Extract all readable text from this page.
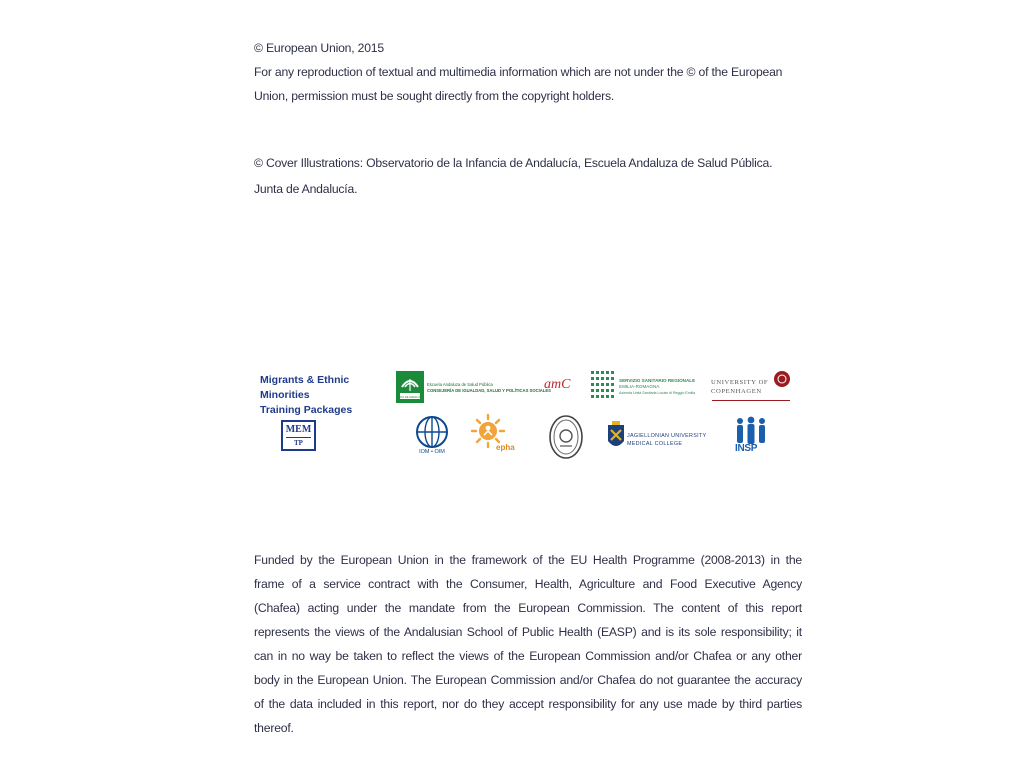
© European Union, 2015
For any reproduction of textual and multimedia information which are not under the © of the European
Union, permission must be sought directly from the copyright holders.
© Cover Illustrations: Observatorio de la Infancia de Andalucía, Escuela Andaluza de Salud Pública.
Junta de Andalucía.
Migrants & Ethnic Minorities
Training Packages
MEM
TP
JUNTA DE ANDALUCÍA
Escuela Andaluza de Salud Pública
CONSEJERÍA DE IGUALDAD, SALUD Y POLÍTICAS SOCIALES
amC	SERVIZIO SANITARIO REGIONALE
EMILIA-ROMAGNA
Azienda Unità Sanitaria Locale di Reggio Emilia
UNIVERSITY OF
COPENHAGEN
IOM • OIM	epha
JAGIELLONIAN UNIVERSITY
MEDICAL COLLEGE	INSP
Funded by the European Union in the framework of the EU Health Programme (2008-2013) in the
frame of a service contract with the Consumer, Health, Agriculture and Food Executive Agency
(Chafea) acting under the mandate from the European Commission. The content of this report
represents the views of the Andalusian School of Public Health (EASP) and is its sole responsibility; it
can in no way be taken to reflect the views of the European Commission and/or Chafea or any other
body in the European Union. The European Commission and/or Chafea do not guarantee the accuracy
of the data included in this report, nor do they accept responsibility for any use made by third parties
thereof.
